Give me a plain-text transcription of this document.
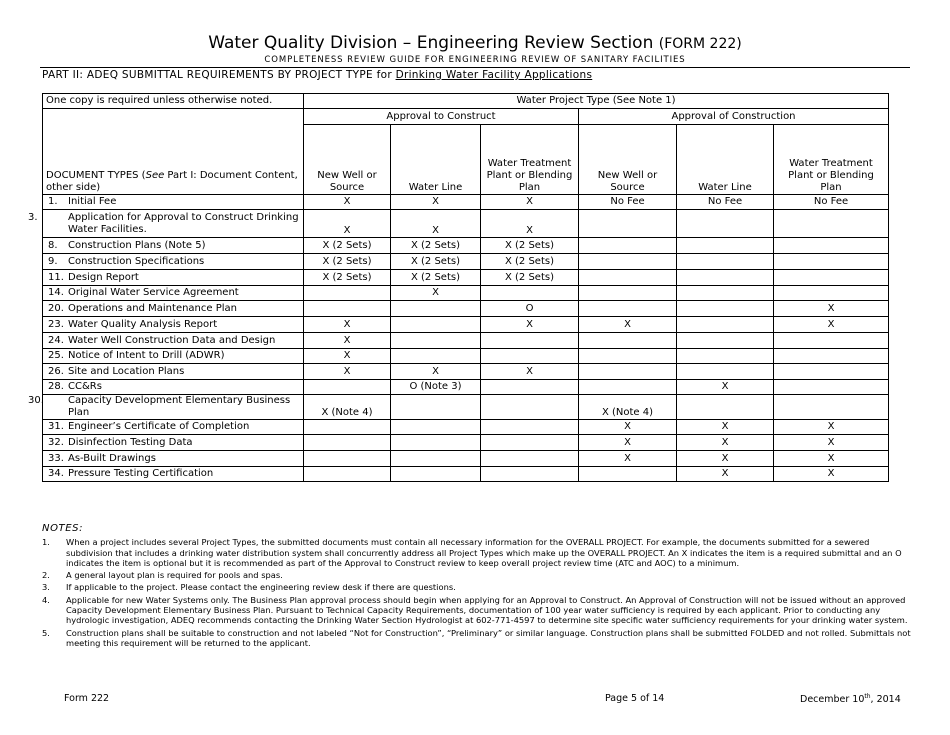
Water Quality Division – Engineering Review Section (FORM 222)
COMPLETENESS REVIEW GUIDE FOR ENGINEERING REVIEW OF SANITARY FACILITIES
PART II: ADEQ SUBMITTAL REQUIREMENTS BY PROJECT TYPE for Drinking Water Facility Applications
One copy is required unless otherwise noted.	Water Project Type (See Note 1)					
DOCUMENT TYPES (See Part I: Document Content, other side)	Approval to Construct			Approval of Construction		
	New Well or Source	Water Line	Water Treatment Plant or Blending Plan	New Well or Source	Water Line	Water Treatment Plant or Blending Plan
1. Initial Fee	X	X	X	No Fee	No Fee	No Fee

3. Application for Approval to Construct Drinking Water Facilities.	X	X	X			
8. Construction Plans (Note 5)	X (2 Sets)	X (2 Sets)	X (2 Sets)			
9. Construction Specifications	X (2 Sets)	X (2 Sets)	X (2 Sets)			
11. Design Report	X (2 Sets)	X (2 Sets)	X (2 Sets)			
14. Original Water Service Agreement		X				
20. Operations and Maintenance Plan			O			X
23. Water Quality Analysis Report	X		X	X		X
24. Water Well Construction Data and Design	X					
25. Notice of Intent to Drill (ADWR)	X					
26. Site and Location Plans	X	X	X			
28. CC&Rs		O (Note 3)			X	

30. Capacity Development Elementary Business Plan	X (Note 4)			X (Note 4)		
31. Engineer’s Certificate of Completion				X	X	X
32. Disinfection Testing Data				X	X	X
33. As-Built Drawings				X	X	X
34. Pressure Testing Certification					X	X
NOTES:
1. When a project includes several Project Types, the submitted documents must contain all necessary information for the OVERALL PROJECT. For example, the documents submitted for a sewered subdivision that includes a drinking water distribution system shall concurrently address all Project Types which make up the OVERALL PROJECT. An X indicates the item is a required submittal and an O indicates the item is optional but it is recommended as part of the Approval to Construct review to keep overall project review time (ATC and AOC) to a minimum.
2. A general layout plan is required for pools and spas.
3. If applicable to the project. Please contact the engineering review desk if there are questions.
4. Applicable for new Water Systems only. The Business Plan approval process should begin when applying for an Approval to Construct. An Approval of Construction will not be issued without an approved Capacity Development Elementary Business Plan. Pursuant to Technical Capacity Requirements, documentation of 100 year water sufficiency is required by each applicant. Prior to conducting any hydrologic investigation, ADEQ recommends contacting the Drinking Water Section Hydrologist at 602-771-4597 to determine site specific water sufficiency requirements for your drinking water system.
5. Construction plans shall be suitable to construction and not labeled “Not for Construction”, “Preliminary” or similar language. Construction plans shall be submitted FOLDED and not rolled. Submittals not meeting this requirement will be returned to the applicant.
Form 222	Page 5 of 14	December 10th, 2014
